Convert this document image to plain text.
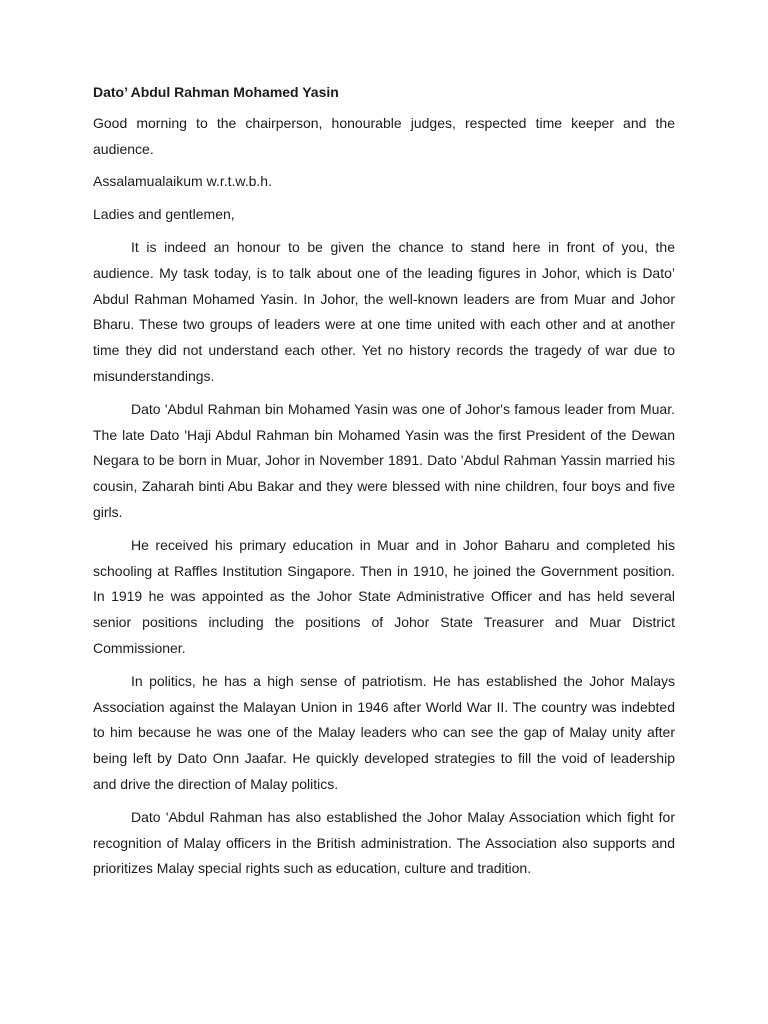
Dato’ Abdul Rahman Mohamed Yasin

Good morning to the chairperson, honourable judges, respected time keeper and the audience.

Assalamualaikum w.r.t.w.b.h.

Ladies and gentlemen,

It is indeed an honour to be given the chance to stand here in front of you, the audience. My task today, is to talk about one of the leading figures in Johor, which is Dato’ Abdul Rahman Mohamed Yasin. In Johor, the well-known leaders are from Muar and Johor Bharu. These two groups of leaders were at one time united with each other and at another time they did not understand each other. Yet no history records the tragedy of war due to misunderstandings.

Dato 'Abdul Rahman bin Mohamed Yasin was one of Johor's famous leader from Muar. The late Dato 'Haji Abdul Rahman bin Mohamed Yasin was the first President of the Dewan Negara to be born in Muar, Johor in November 1891. Dato 'Abdul Rahman Yassin married his cousin, Zaharah binti Abu Bakar and they were blessed with nine children, four boys and five girls.

He received his primary education in Muar and in Johor Baharu and completed his schooling at Raffles Institution Singapore. Then in 1910, he joined the Government position. In 1919 he was appointed as the Johor State Administrative Officer and has held several senior positions including the positions of Johor State Treasurer and Muar District Commissioner.

In politics, he has a high sense of patriotism. He has established the Johor Malays Association against the Malayan Union in 1946 after World War II. The country was indebted to him because he was one of the Malay leaders who can see the gap of Malay unity after being left by Dato Onn Jaafar. He quickly developed strategies to fill the void of leadership and drive the direction of Malay politics.

Dato 'Abdul Rahman has also established the Johor Malay Association which fight for recognition of Malay officers in the British administration. The Association also supports and prioritizes Malay special rights such as education, culture and tradition.
